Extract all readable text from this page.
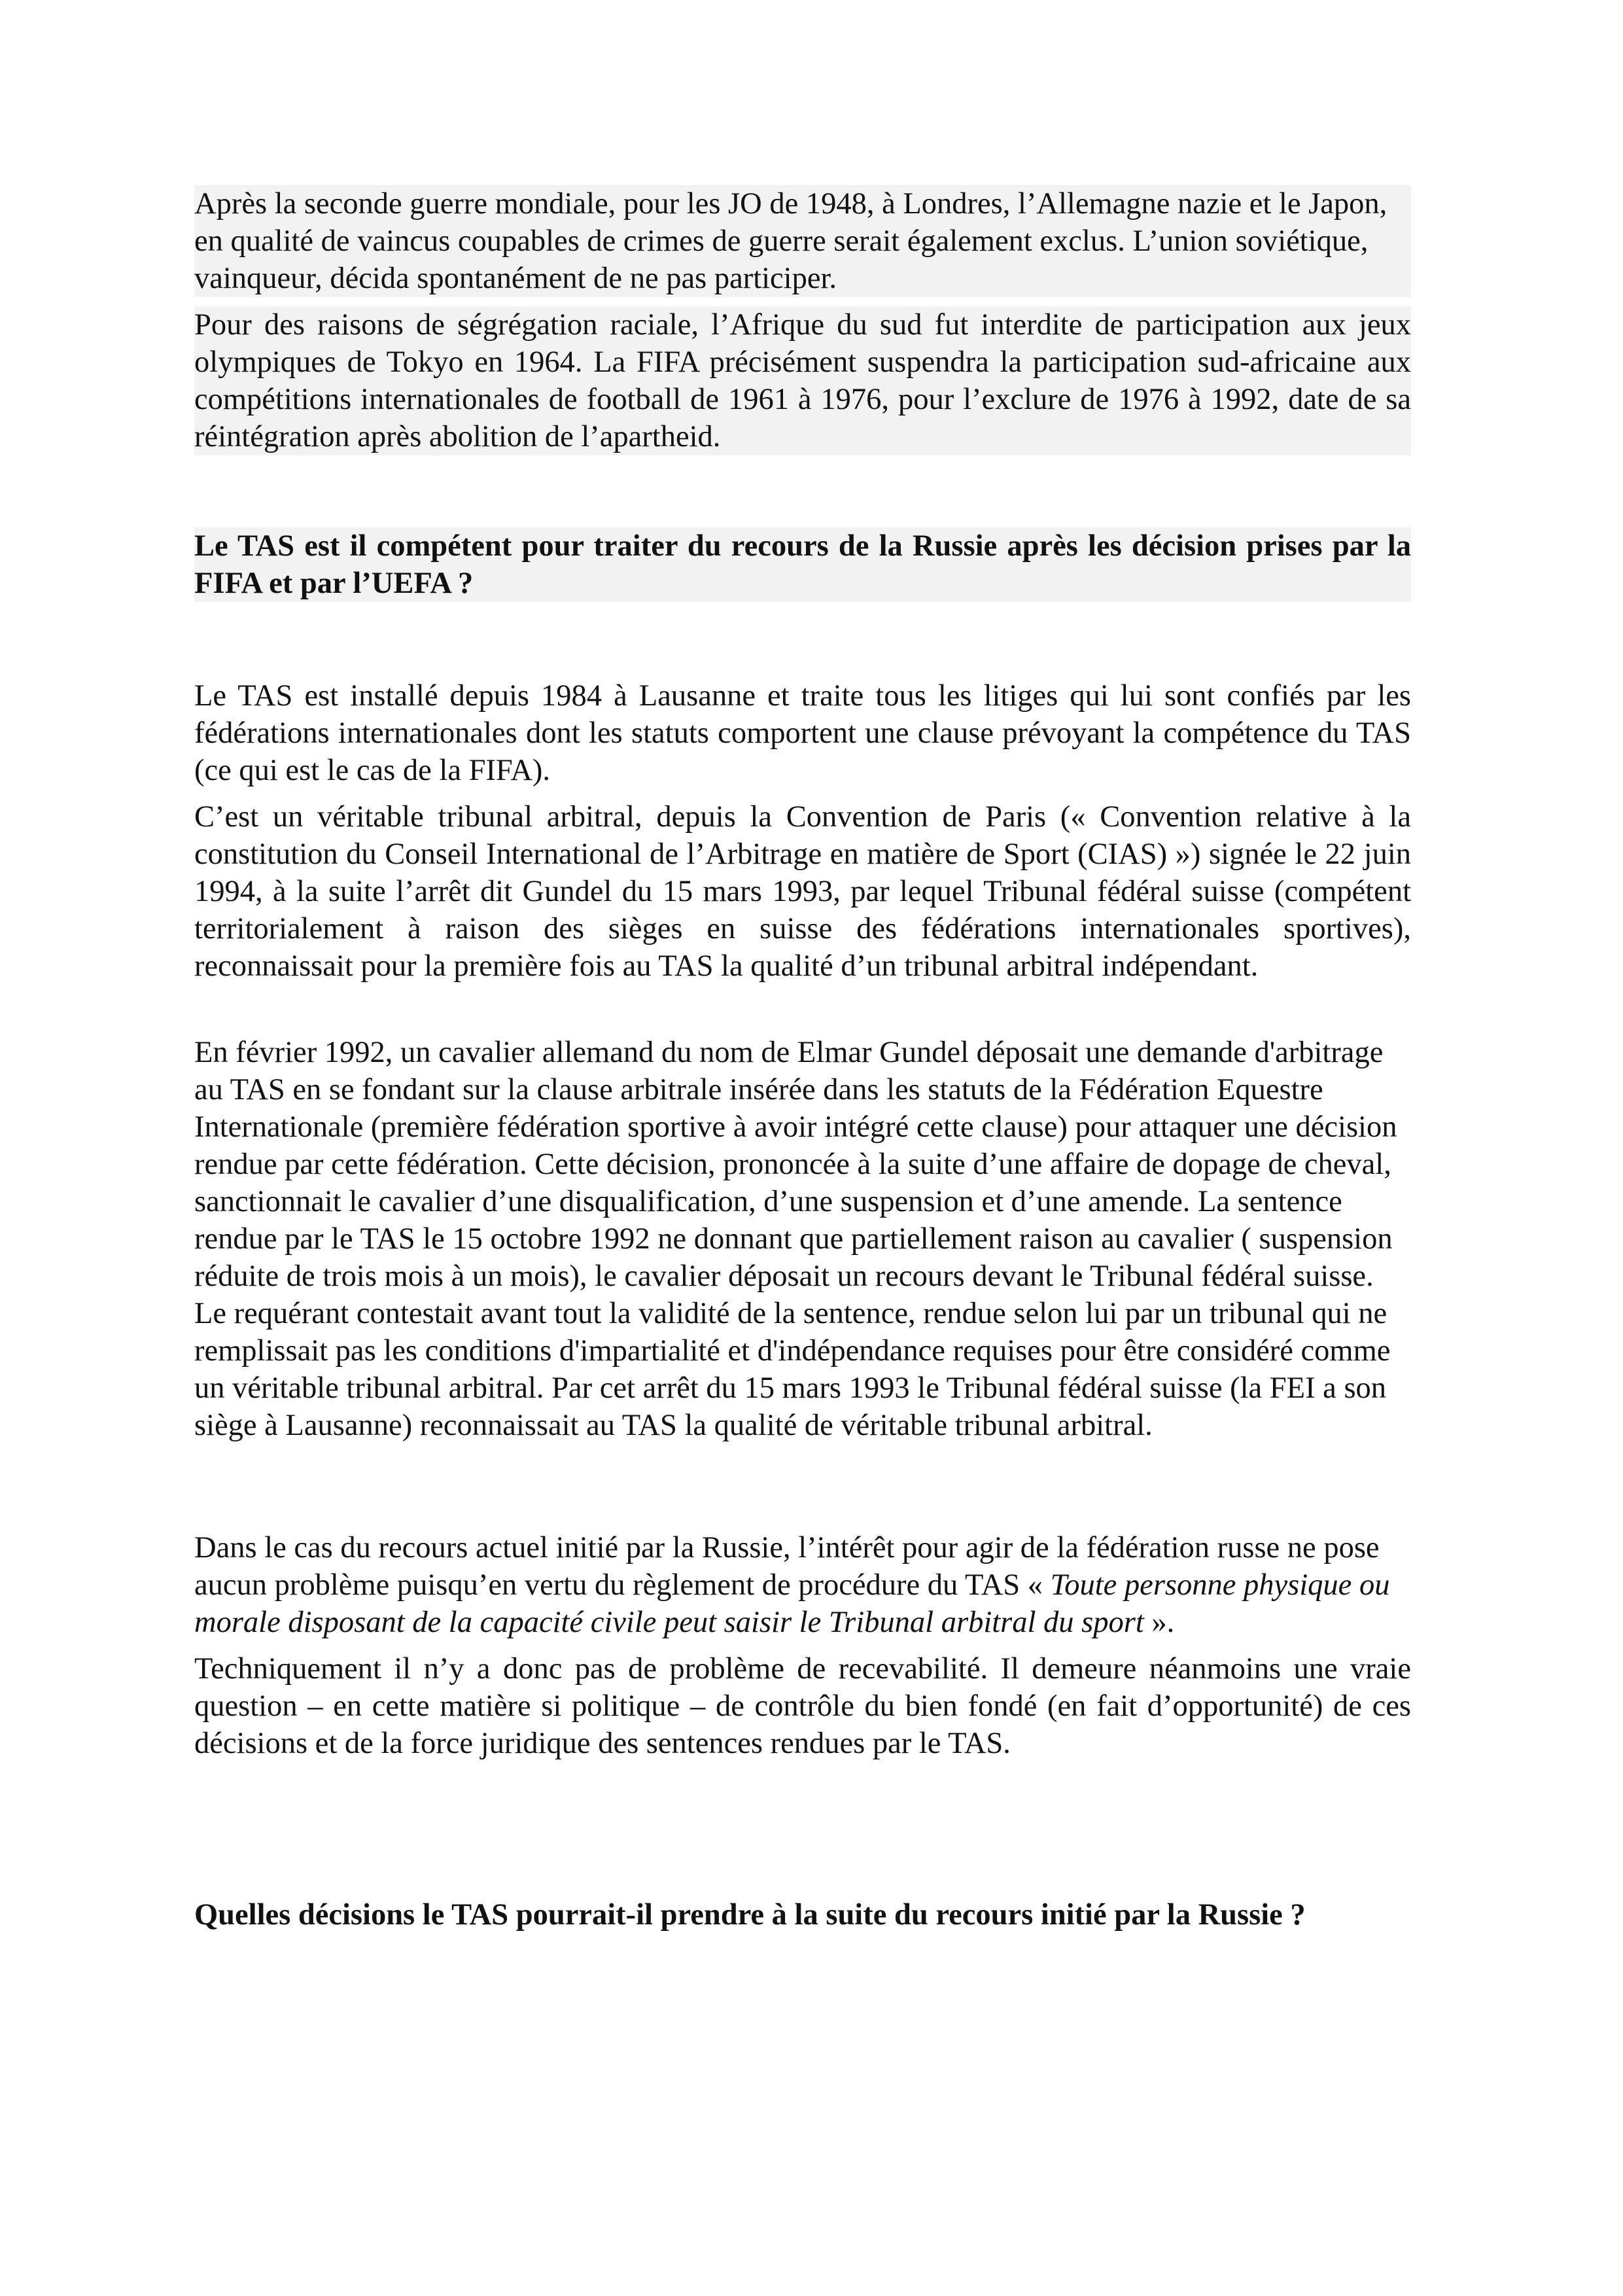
Après la seconde guerre mondiale, pour les JO de 1948, à Londres, l’Allemagne nazie et le Japon, en qualité de vaincus coupables de crimes de guerre serait également exclus. L’union soviétique, vainqueur, décida spontanément de ne pas participer.

Pour des raisons de ségrégation raciale, l’Afrique du sud fut interdite de participation aux jeux olympiques de Tokyo en 1964. La FIFA précisément suspendra la participation sud-africaine aux compétitions internationales de football de 1961 à 1976, pour l’exclure de 1976 à 1992, date de sa réintégration après abolition de l’apartheid.

Le TAS est il compétent pour traiter du recours de la Russie après les décision prises par la FIFA et par l’UEFA ?

Le TAS est installé depuis 1984 à Lausanne et traite tous les litiges qui lui sont confiés par les fédérations internationales dont les statuts comportent une clause prévoyant la compétence du TAS (ce qui est le cas de la FIFA).

C’est un véritable tribunal arbitral, depuis la Convention de Paris (« Convention relative à la constitution du Conseil International de l’Arbitrage en matière de Sport (CIAS) ») signée le 22 juin 1994, à la suite l’arrêt dit Gundel du 15 mars 1993, par lequel Tribunal fédéral suisse (compétent territorialement à raison des sièges en suisse des fédérations internationales sportives), reconnaissait pour la première fois au TAS la qualité d’un tribunal arbitral indépendant.

En février 1992, un cavalier allemand du nom de Elmar Gundel déposait une demande d'arbitrage au TAS en se fondant sur la clause arbitrale insérée dans les statuts de la Fédération Equestre Internationale (première fédération sportive à avoir intégré cette clause) pour attaquer une décision rendue par cette fédération. Cette décision, prononcée à la suite d’une affaire de dopage de cheval, sanctionnait le cavalier d’une disqualification, d’une suspension et d’une amende. La sentence rendue par le TAS le 15 octobre 1992 ne donnant que partiellement raison au cavalier ( suspension réduite de trois mois à un mois), le cavalier déposait un recours devant le Tribunal fédéral suisse. Le requérant contestait avant tout la validité de la sentence, rendue selon lui par un tribunal qui ne remplissait pas les conditions d'impartialité et d'indépendance requises pour être considéré comme un véritable tribunal arbitral. Par cet arrêt du 15 mars 1993 le Tribunal fédéral suisse (la FEI a son siège à Lausanne) reconnaissait au TAS la qualité de véritable tribunal arbitral.

Dans le cas du recours actuel initié par la Russie, l’intérêt pour agir de la fédération russe ne pose aucun problème puisqu’en vertu du règlement de procédure du TAS « Toute personne physique ou morale disposant de la capacité civile peut saisir le Tribunal arbitral du sport ».

Techniquement il n’y a donc pas de problème de recevabilité. Il demeure néanmoins une vraie question – en cette matière si politique – de contrôle du bien fondé (en fait d’opportunité) de ces décisions et de la force juridique des sentences rendues par le TAS.

Quelles décisions le TAS pourrait-il prendre à la suite du recours initié par la Russie ?
